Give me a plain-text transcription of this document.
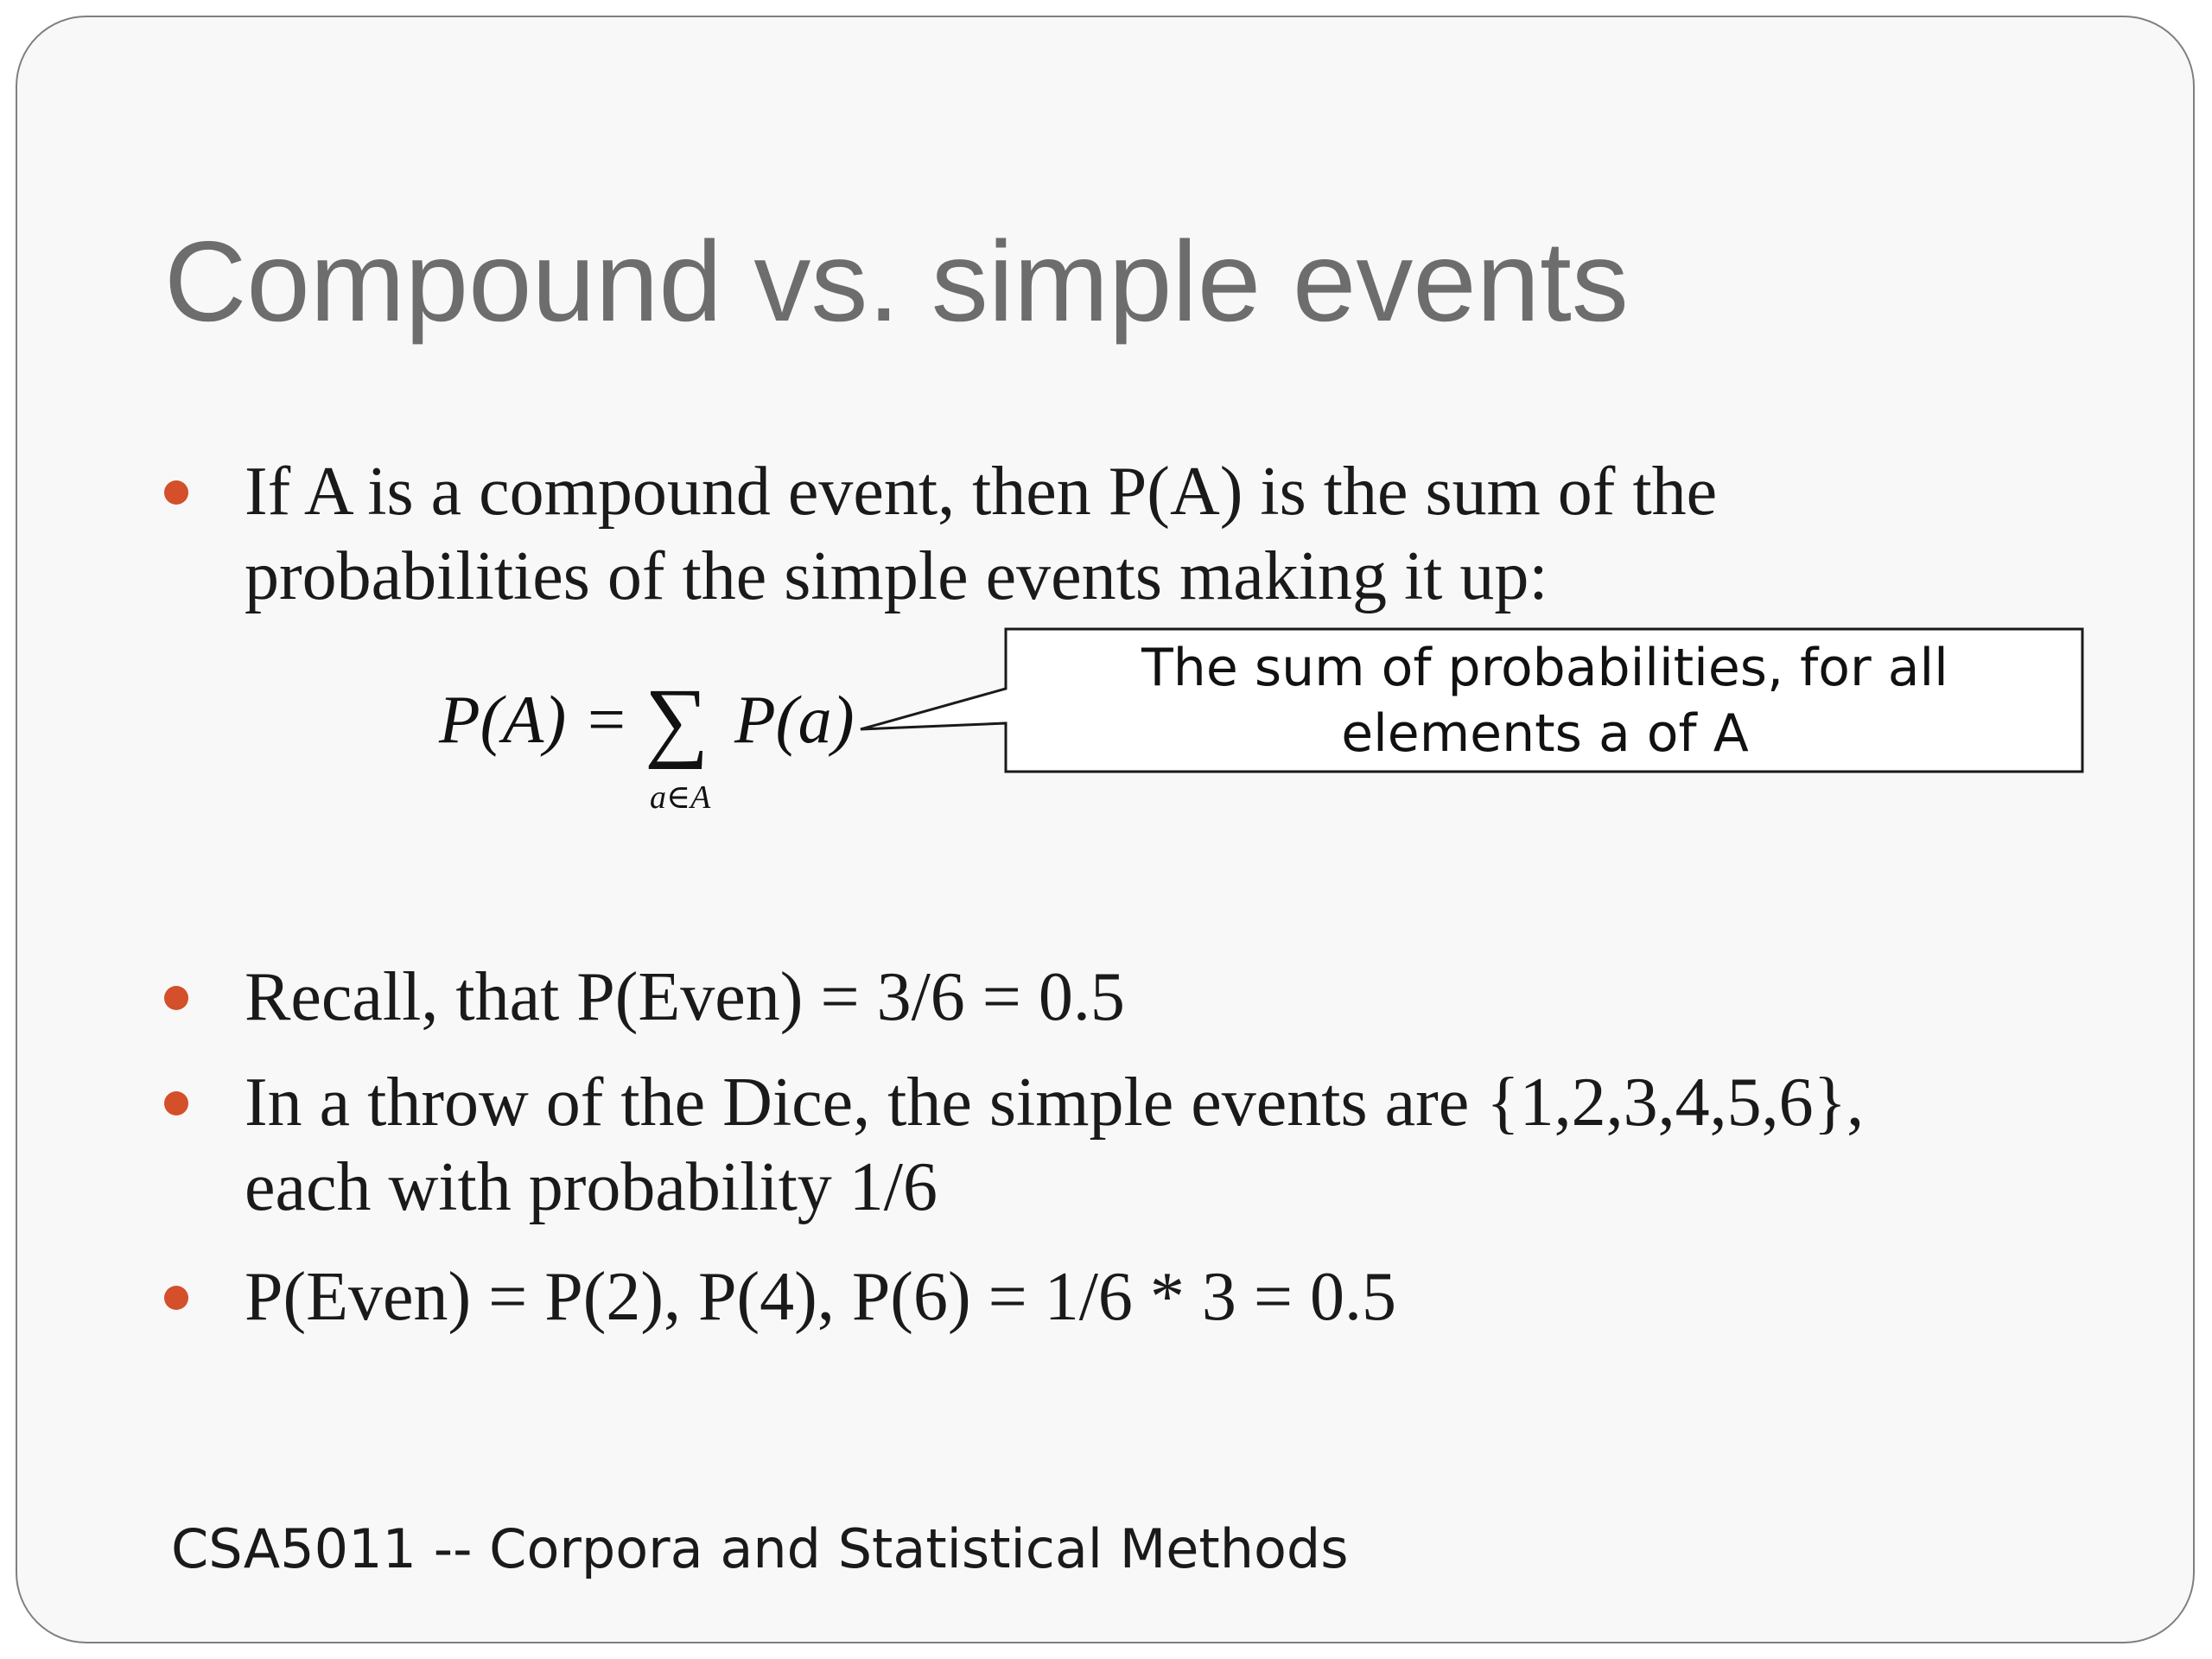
Compound vs. simple events
If A is a compound event, then P(A) is the sum of the
probabilities of the simple events making it up:
P(A) = ∑ P(a)
a∈A
The sum of probabilities, for all
elements a of A
Recall, that P(Even) = 3/6 = 0.5
In a throw of the Dice, the simple events are {1,2,3,4,5,6},
each with probability 1/6
P(Even) = P(2), P(4), P(6) = 1/6 * 3 = 0.5
CSA5011 -- Corpora and Statistical Methods
